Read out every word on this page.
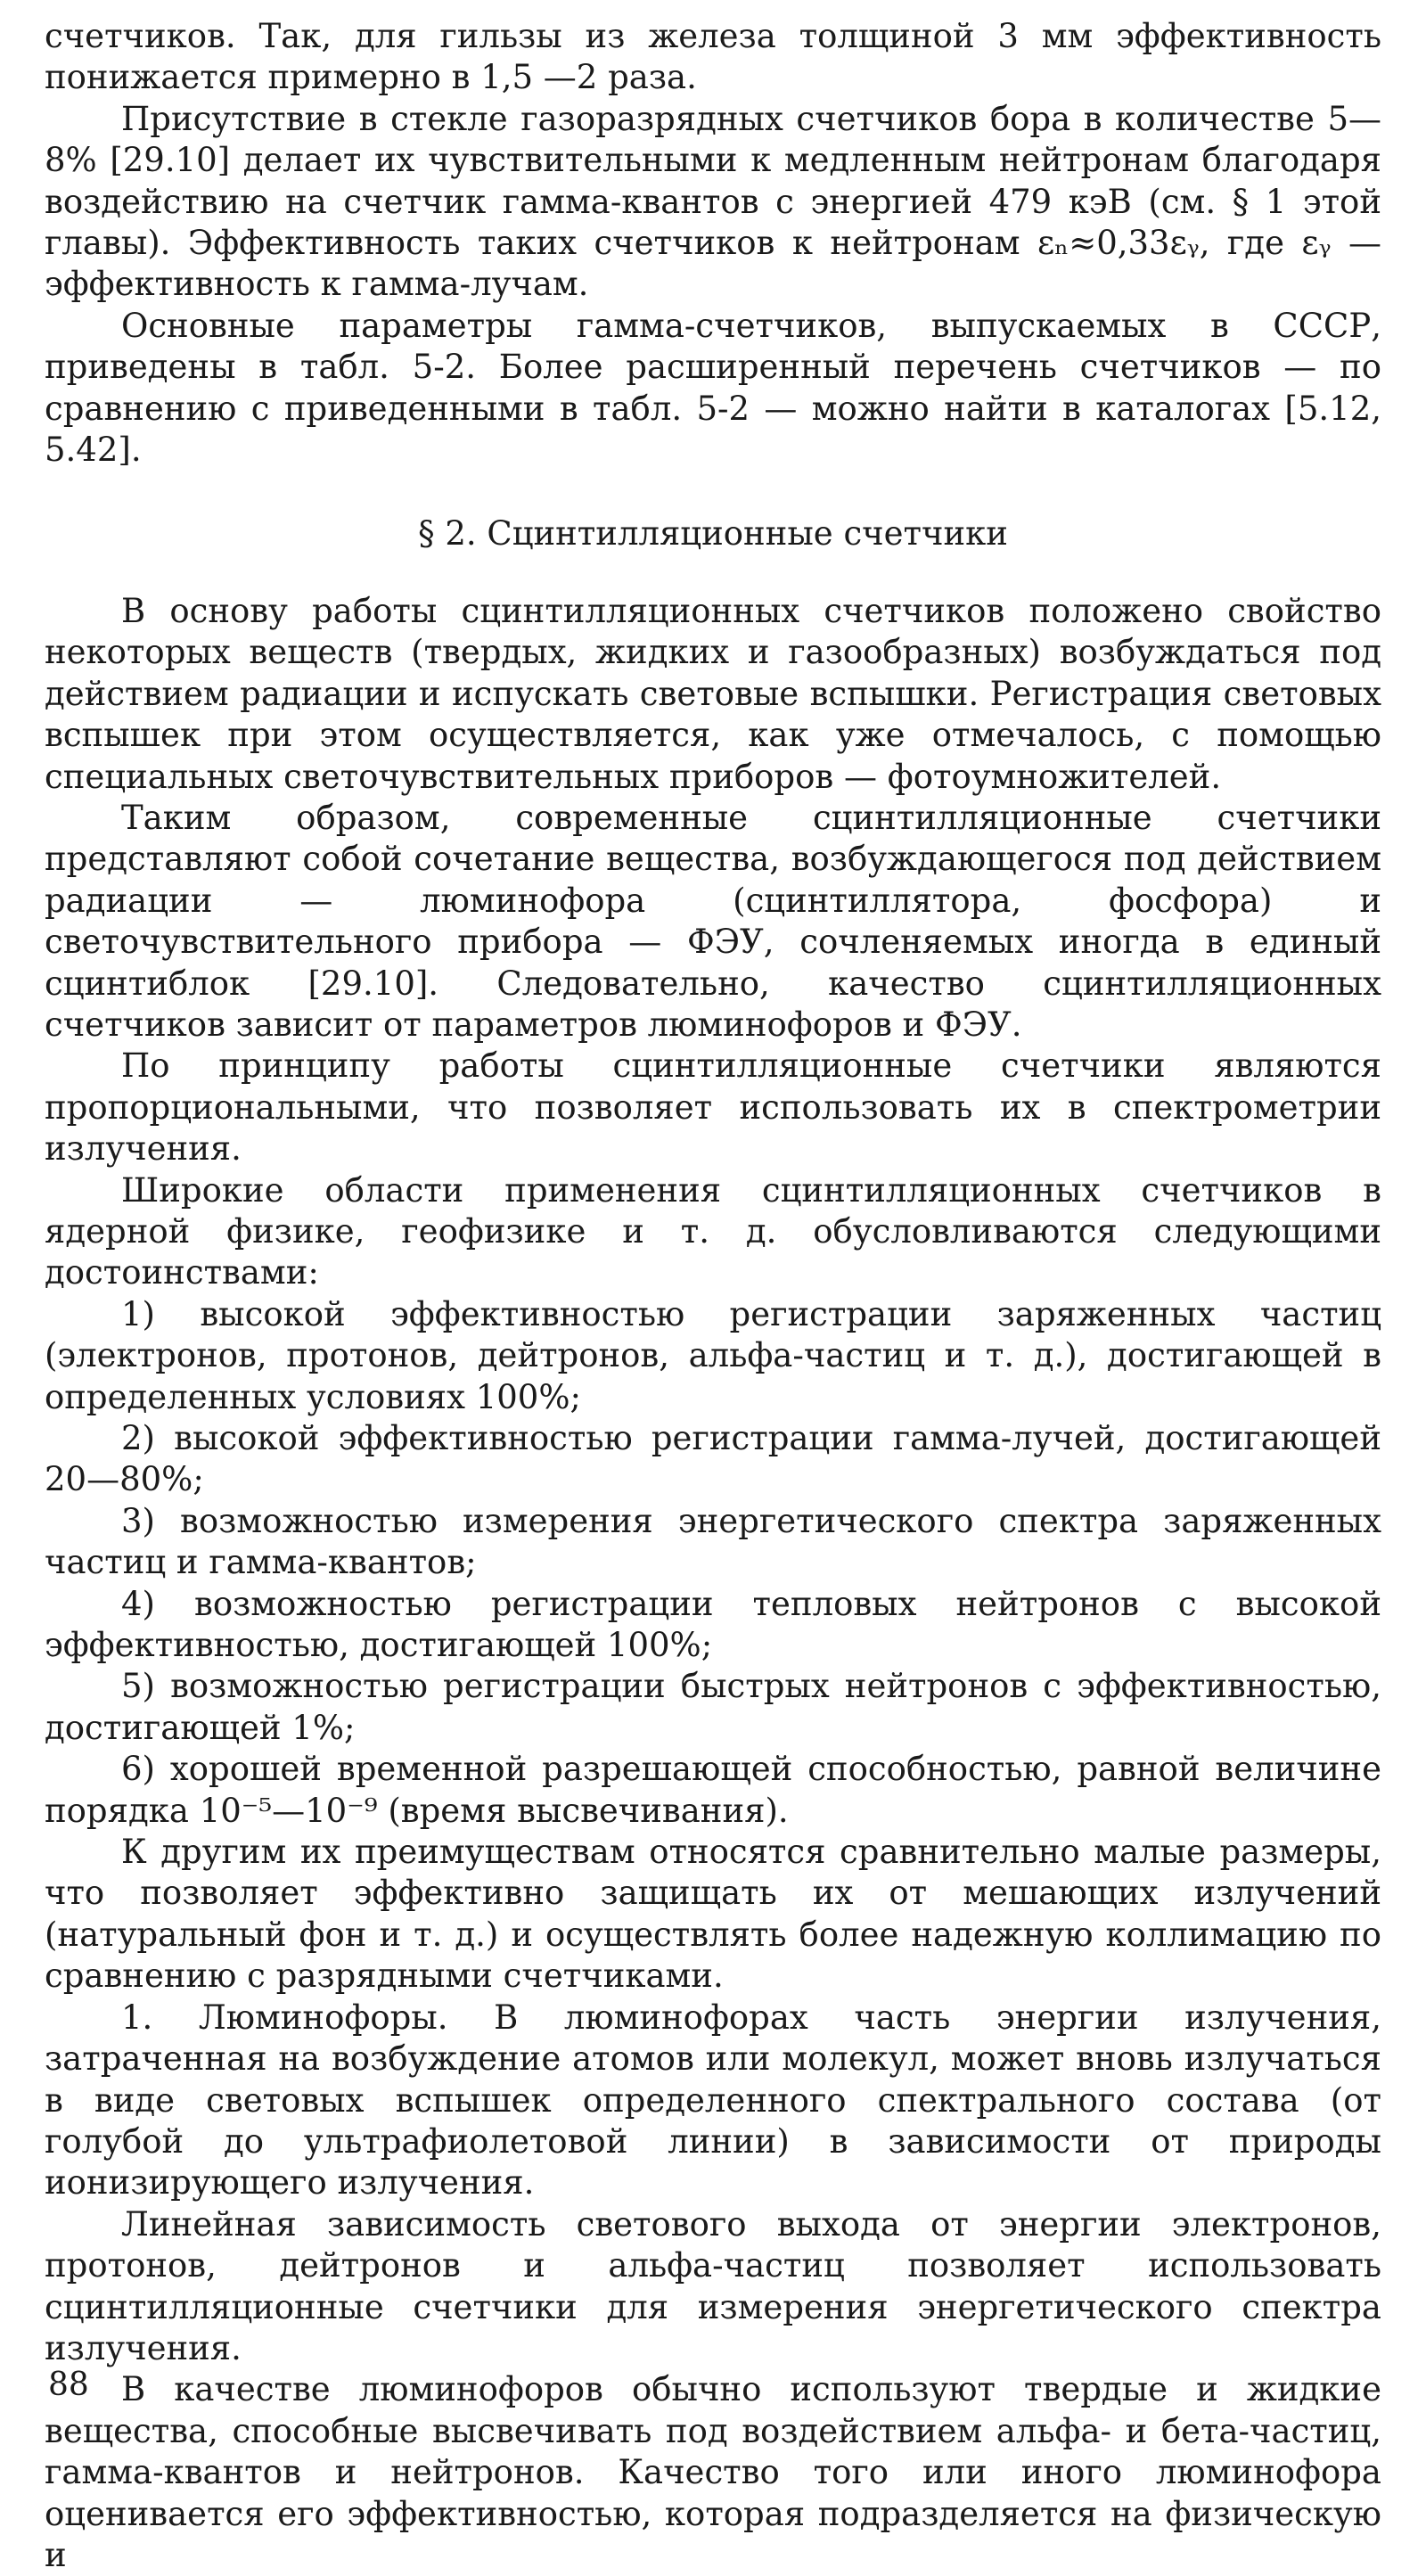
счетчиков. Так, для гильзы из железа толщиной 3 мм эффективность понижается примерно в 1,5 —2 раза.

Присутствие в стекле газоразрядных счетчиков бора в количестве 5—8% [29.10] делает их чувствительными к медленным нейтронам благодаря воздействию на счетчик гамма-квантов с энергией 479 кэВ (см. § 1 этой главы). Эффективность таких счетчиков к нейтронам εₙ≈0,33εᵧ, где εᵧ — эффективность к гамма-лучам.

Основные параметры гамма-счетчиков, выпускаемых в СССР, приведены в табл. 5-2. Более расширенный перечень счетчиков — по сравнению с приведенными в табл. 5-2 — можно найти в каталогах [5.12, 5.42].

§ 2. Сцинтилляционные счетчики

В основу работы сцинтилляционных счетчиков положено свойство некоторых веществ (твердых, жидких и газообразных) возбуждаться под действием радиации и испускать световые вспышки. Регистрация световых вспышек при этом осуществляется, как уже отмечалось, с помощью специальных светочувствительных приборов — фотоумножителей.

Таким образом, современные сцинтилляционные счетчики представляют собой сочетание вещества, возбуждающегося под действием радиации — люминофора (сцинтиллятора, фосфора) и светочувствительного прибора — ФЭУ, сочленяемых иногда в единый сцинтиблок [29.10]. Следовательно, качество сцинтилляционных счетчиков зависит от параметров люминофоров и ФЭУ.

По принципу работы сцинтилляционные счетчики являются пропорциональными, что позволяет использовать их в спектрометрии излучения.

Широкие области применения сцинтилляционных счетчиков в ядерной физике, геофизике и т. д. обусловливаются следующими достоинствами:

1) высокой эффективностью регистрации заряженных частиц (электронов, протонов, дейтронов, альфа-частиц и т. д.), достигающей в определенных условиях 100%;

2) высокой эффективностью регистрации гамма-лучей, достигающей 20—80%;

3) возможностью измерения энергетического спектра заряженных частиц и гамма-квантов;

4) возможностью регистрации тепловых нейтронов с высокой эффективностью, достигающей 100%;

5) возможностью регистрации быстрых нейтронов с эффективностью, достигающей 1%;

6) хорошей временной разрешающей способностью, равной величине порядка 10⁻⁵—10⁻⁹ (время высвечивания).

К другим их преимуществам относятся сравнительно малые размеры, что позволяет эффективно защищать их от мешающих излучений (натуральный фон и т. д.) и осуществлять более надежную коллимацию по сравнению с разрядными счетчиками.

1. Люминофоры. В люминофорах часть энергии излучения, затраченная на возбуждение атомов или молекул, может вновь излучаться в виде световых вспышек определенного спектрального состава (от голубой до ультрафиолетовой линии) в зависимости от природы ионизирующего излучения.

Линейная зависимость светового выхода от энергии электронов, протонов, дейтронов и альфа-частиц позволяет использовать сцинтилляционные счетчики для измерения энергетического спектра излучения.

В качестве люминофоров обычно используют твердые и жидкие вещества, способные высвечивать под воздействием альфа- и бета-частиц, гамма-квантов и нейтронов. Качество того или иного люминофора оценивается его эффективностью, которая подразделяется на физическую и

88
